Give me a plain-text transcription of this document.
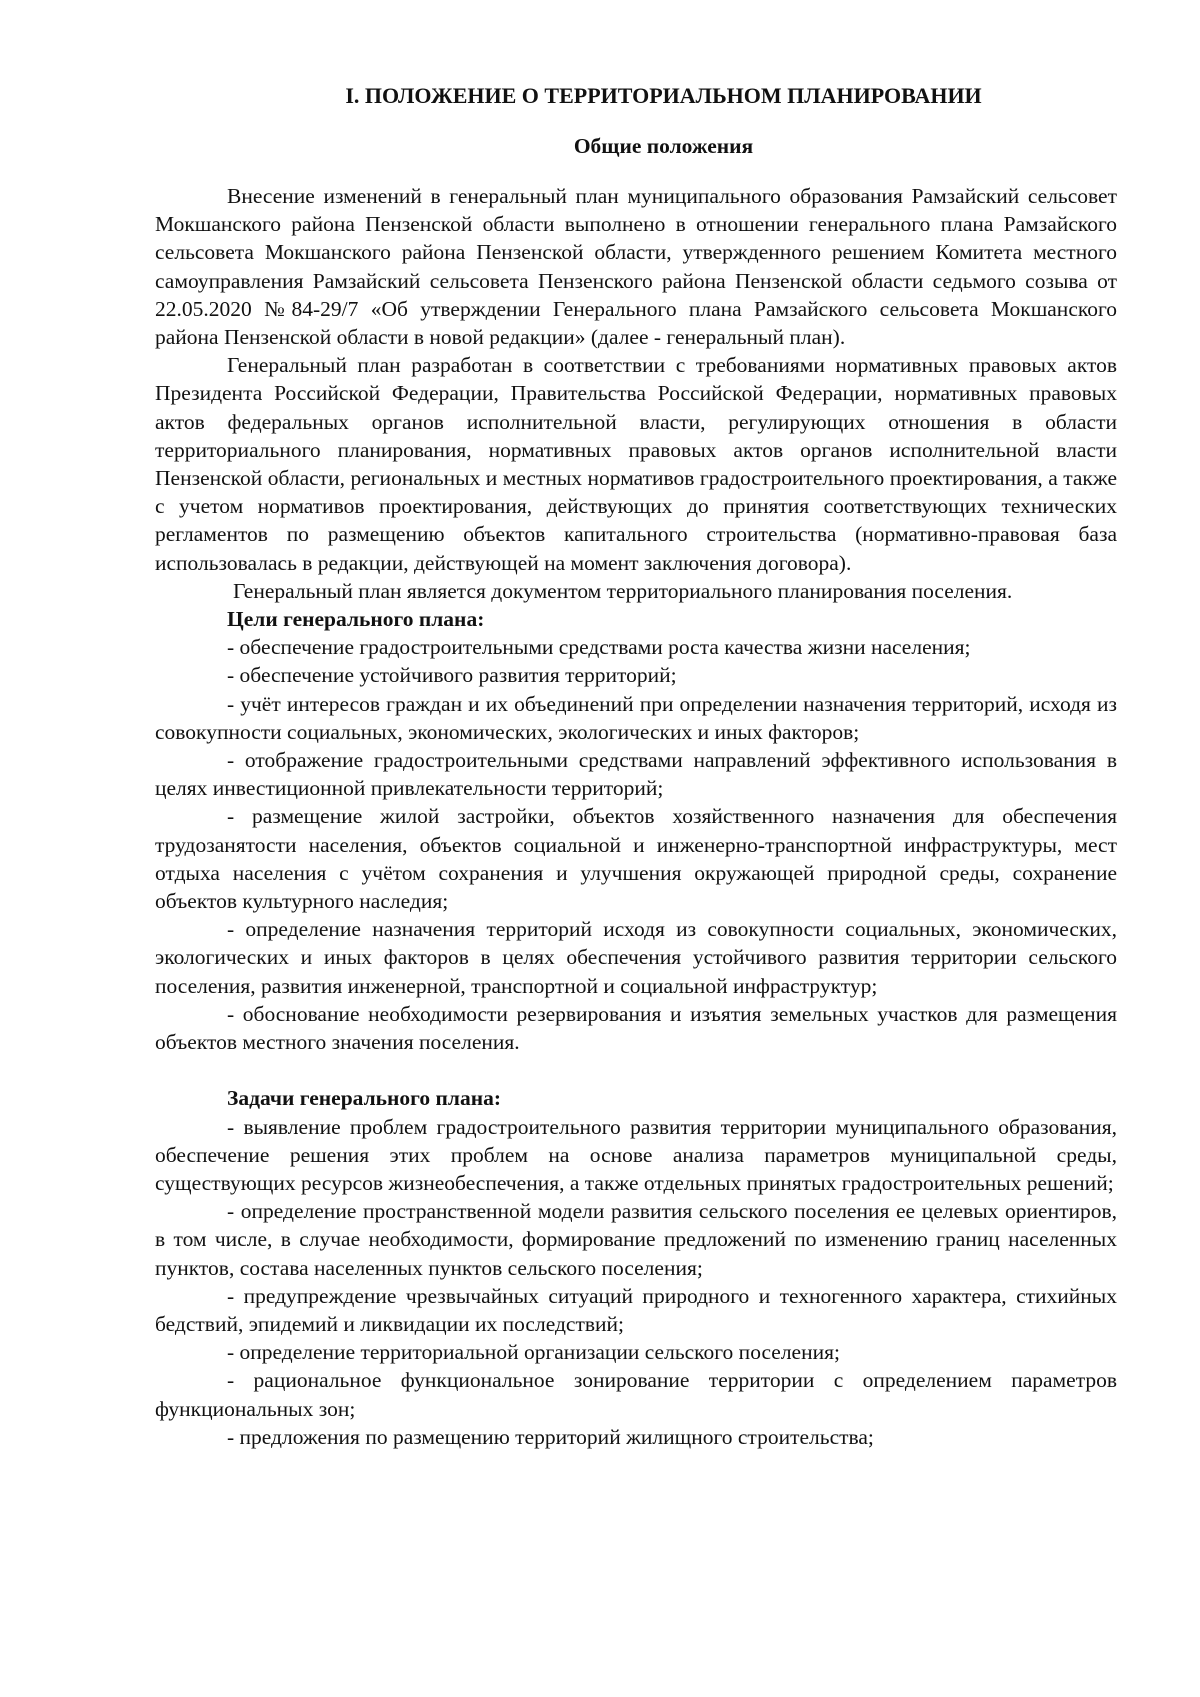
I. ПОЛОЖЕНИЕ О ТЕРРИТОРИАЛЬНОМ ПЛАНИРОВАНИИ
Общие положения

Внесение изменений в генеральный план муниципального образования Рамзайский сельсовет Мокшанского района Пензенской области выполнено в отношении генерального плана Рамзайского сельсовета Мокшанского района Пензенской области, утвержденного решением Комитета местного самоуправления Рамзайский сельсовета Пензенского района Пензенской области седьмого созыва от 22.05.2020 №84-29/7 «Об утверждении Генерального плана Рамзайского сельсовета Мокшанского района Пензенской области в новой редакции» (далее - генеральный план).

Генеральный план разработан в соответствии с требованиями нормативных правовых актов Президента Российской Федерации, Правительства Российской Федерации, нормативных правовых актов федеральных органов исполнительной власти, регулирующих отношения в области территориального планирования, нормативных правовых актов органов исполнительной власти Пензенской области, региональных и местных нормативов градостроительного проектирования, а также с учетом нормативов проектирования, действующих до принятия соответствующих технических регламентов по размещению объектов капитального строительства (нормативно-правовая база использовалась в редакции, действующей на момент заключения договора).

Генеральный план является документом территориального планирования поселения.

Цели генерального плана:

- обеспечение градостроительными средствами роста качества жизни населения;
- обеспечение устойчивого развития территорий;
- учёт интересов граждан и их объединений при определении назначения территорий, исходя из совокупности социальных, экономических, экологических и иных факторов;
- отображение градостроительными средствами направлений эффективного использования в целях инвестиционной привлекательности территорий;
- размещение жилой застройки, объектов хозяйственного назначения для обеспечения трудозанятости населения, объектов социальной и инженерно-транспортной инфраструктуры, мест отдыха населения с учётом сохранения и улучшения окружающей природной среды, сохранение объектов культурного наследия;
- определение назначения территорий исходя из совокупности социальных, экономических, экологических и иных факторов в целях обеспечения устойчивого развития территории сельского поселения, развития инженерной, транспортной и социальной инфраструктур;
- обоснование необходимости резервирования и изъятия земельных участков для размещения объектов местного значения поселения.

Задачи генерального плана:

- выявление проблем градостроительного развития территории муниципального образования, обеспечение решения этих проблем на основе анализа параметров муниципальной среды, существующих ресурсов жизнеобеспечения, а также отдельных принятых градостроительных решений;
- определение пространственной модели развития сельского поселения ее целевых ориентиров, в том числе, в случае необходимости, формирование предложений по изменению границ населенных пунктов, состава населенных пунктов сельского поселения;
- предупреждение чрезвычайных ситуаций природного и техногенного характера, стихийных бедствий, эпидемий и ликвидации их последствий;
- определение территориальной организации сельского поселения;
- рациональное функциональное зонирование территории с определением параметров функциональных зон;
- предложения по размещению территорий жилищного строительства;
